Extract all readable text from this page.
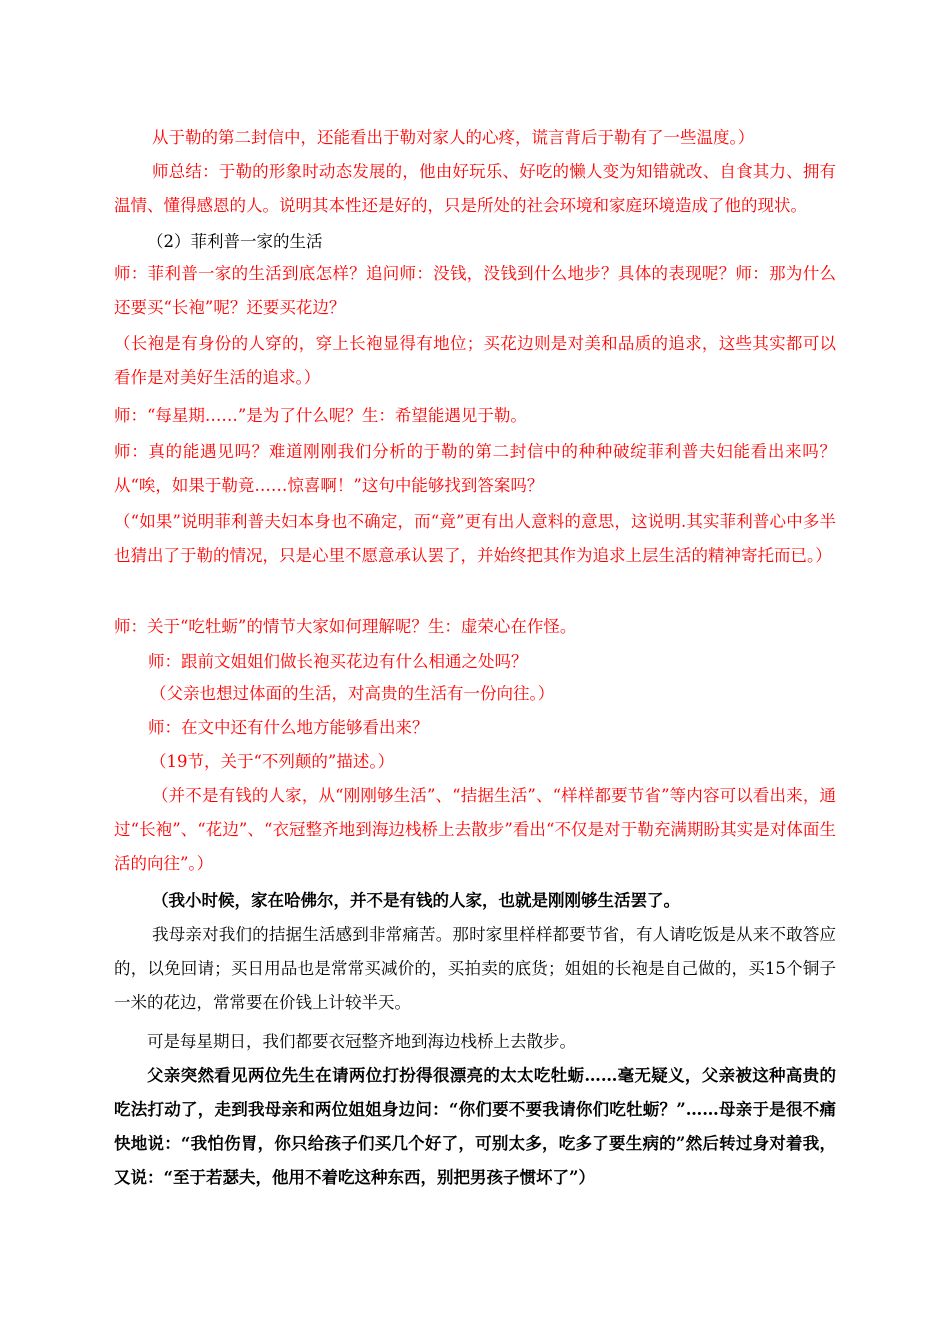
从于勒的第二封信中，还能看出于勒对家人的心疼，谎言背后于勒有了一些温度。）

师总结：于勒的形象时动态发展的，他由好玩乐、好吃的懒人变为知错就改、自食其力、拥有温情、懂得感恩的人。说明其本性还是好的，只是所处的社会环境和家庭环境造成了他的现状。

（2）菲利普一家的生活

师：菲利普一家的生活到底怎样？追问师：没钱，没钱到什么地步？具体的表现呢？师：那为什么还要买“长袍”呢？还要买花边？

（长袍是有身份的人穿的，穿上长袍显得有地位；买花边则是对美和品质的追求，这些其实都可以看作是对美好生活的追求。）

师：“每星期……”是为了什么呢？生：希望能遇见于勒。

师：真的能遇见吗？难道刚刚我们分析的于勒的第二封信中的种种破绽菲利普夫妇能看出来吗？从“唉，如果于勒竟……惊喜啊！”这句中能够找到答案吗？

（“如果”说明菲利普夫妇本身也不确定，而“竟”更有出人意料的意思，这说明.其实菲利普心中多半也猜出了于勒的情况，只是心里不愿意承认罢了，并始终把其作为追求上层生活的精神寄托而已。）

师：关于“吃牡蛎”的情节大家如何理解呢？生：虚荣心在作怪。

师：跟前文姐姐们做长袍买花边有什么相通之处吗？

（父亲也想过体面的生活，对高贵的生活有一份向往。）

师：在文中还有什么地方能够看出来？

（19节，关于“不列颠的”描述。）

（并不是有钱的人家，从“刚刚够生活”、“拮据生活”、“样样都要节省”等内容可以看出来，通过“长袍”、“花边”、“衣冠整齐地到海边栈桥上去散步”看出“不仅是对于勒充满期盼其实是对体面生活的向往”。）

（我小时候，家在哈佛尔，并不是有钱的人家，也就是刚刚够生活罢了。

我母亲对我们的拮据生活感到非常痛苦。那时家里样样都要节省，有人请吃饭是从来不敢答应的，以免回请；买日用品也是常常买减价的，买拍卖的底货；姐姐的长袍是自己做的，买15个铜子一米的花边，常常要在价钱上计较半天。

可是每星期日，我们都要衣冠整齐地到海边栈桥上去散步。

父亲突然看见两位先生在请两位打扮得很漂亮的太太吃牡蛎……毫无疑义，父亲被这种高贵的吃法打动了，走到我母亲和两位姐姐身边问：“你们要不要我请你们吃牡蛎？”……母亲于是很不痛快地说：“我怕伤胃，你只给孩子们买几个好了，可别太多，吃多了要生病的”然后转过身对着我，又说：“至于若瑟夫，他用不着吃这种东西，别把男孩子惯坏了”）
